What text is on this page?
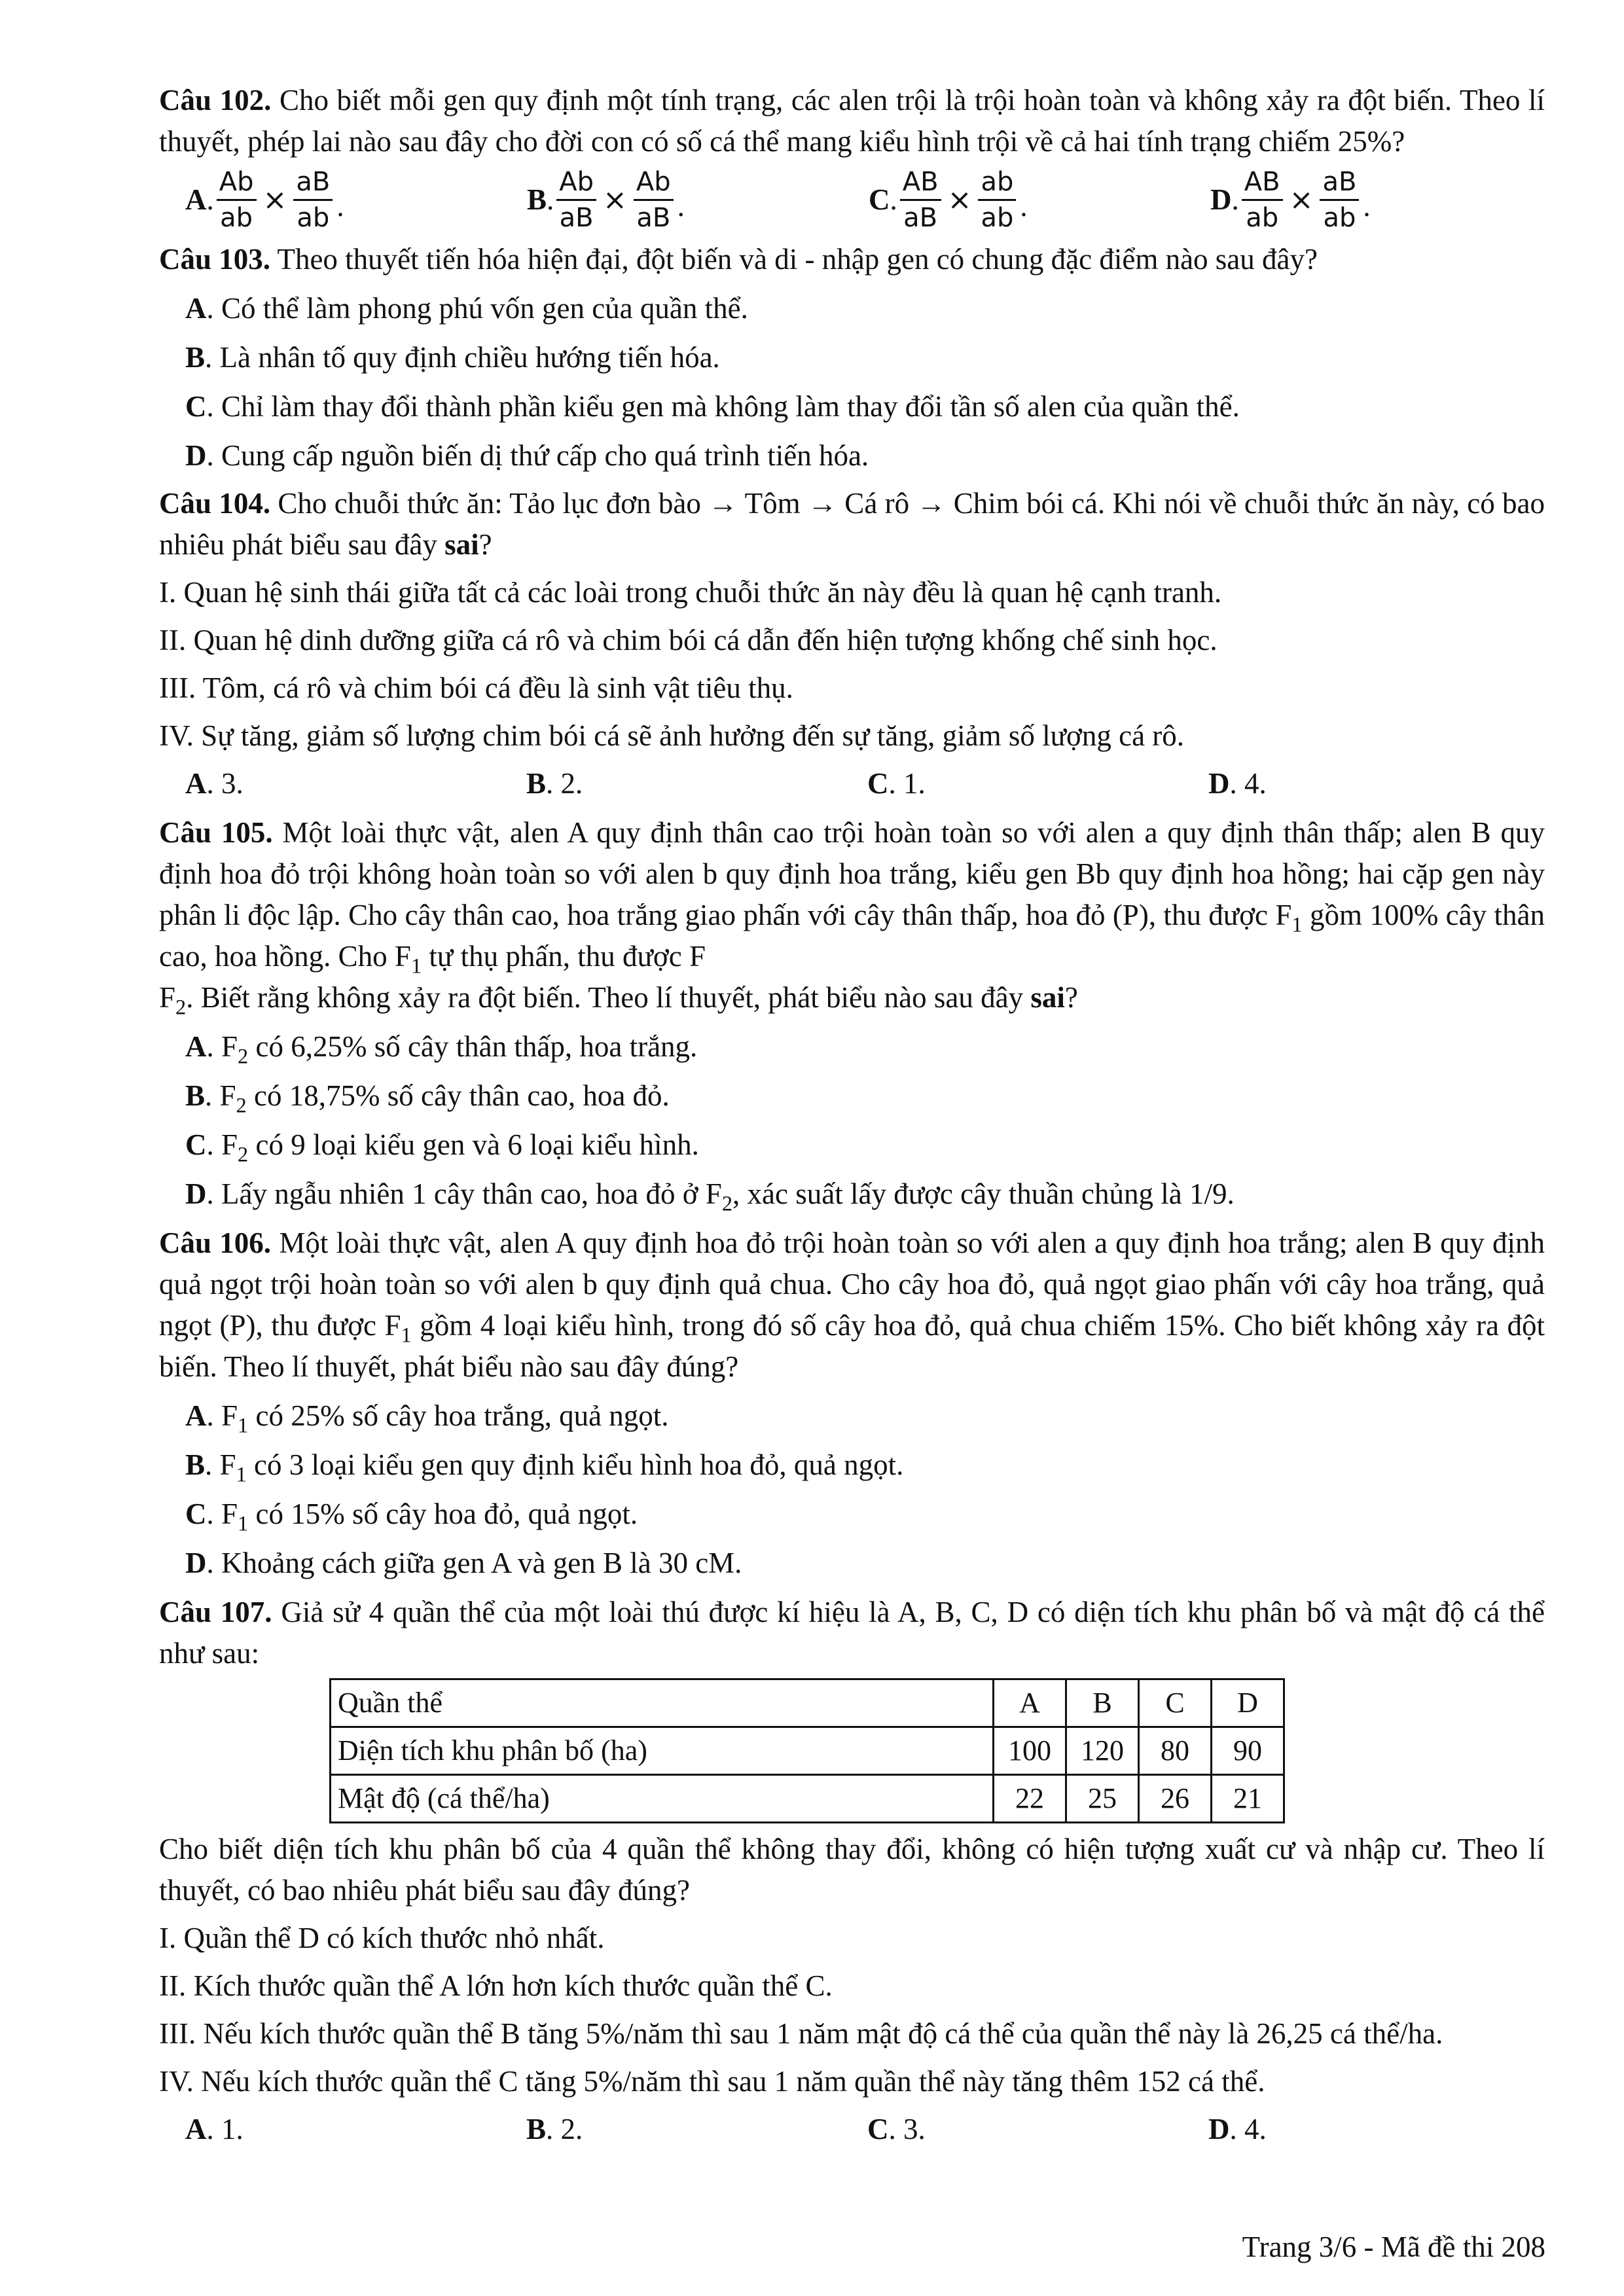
Câu 102. Cho biết mỗi gen quy định một tính trạng, các alen trội là trội hoàn toàn và không xảy ra đột biến. Theo lí thuyết, phép lai nào sau đây cho đời con có số cá thể mang kiểu hình trội về cả hai tính trạng chiếm 25%?

A . $\frac{Ab}{ab} \times \frac{aB}{ab}$ .	B . $\frac{Ab}{aB} \times \frac{Ab}{aB}$ .	C . $\frac{AB}{aB} \times \frac{ab}{ab}$ .	D . $\frac{AB}{ab} \times \frac{aB}{ab}$ .

Câu 103. Theo thuyết tiến hóa hiện đại, đột biến và di - nhập gen có chung đặc điểm nào sau đây?

A. Có thể làm phong phú vốn gen của quần thể.

B. Là nhân tố quy định chiều hướng tiến hóa.

C. Chỉ làm thay đổi thành phần kiểu gen mà không làm thay đổi tần số alen của quần thể.

D. Cung cấp nguồn biến dị thứ cấp cho quá trình tiến hóa.

Câu 104. Cho chuỗi thức ăn: Tảo lục đơn bào → Tôm → Cá rô → Chim bói cá. Khi nói về chuỗi thức ăn này, có bao nhiêu phát biểu sau đây sai?

I. Quan hệ sinh thái giữa tất cả các loài trong chuỗi thức ăn này đều là quan hệ cạnh tranh.

II. Quan hệ dinh dưỡng giữa cá rô và chim bói cá dẫn đến hiện tượng khống chế sinh học.

III. Tôm, cá rô và chim bói cá đều là sinh vật tiêu thụ.

IV. Sự tăng, giảm số lượng chim bói cá sẽ ảnh hưởng đến sự tăng, giảm số lượng cá rô.

A. 3.	B. 2.	C. 1.	D. 4.

Câu 105. Một loài thực vật, alen A quy định thân cao trội hoàn toàn so với alen a quy định thân thấp; alen B quy định hoa đỏ trội không hoàn toàn so với alen b quy định hoa trắng, kiểu gen Bb quy định hoa hồng; hai cặp gen này phân li độc lập. Cho cây thân cao, hoa trắng giao phấn với cây thân thấp, hoa đỏ (P), thu được $F_1$ gồm 100% cây thân cao, hoa hồng. Cho $F_1$ tự thụ phấn, thu được F
$F_2$. Biết rằng không xảy ra đột biến. Theo lí thuyết, phát biểu nào sau đây sai?

A. $F_2$ có 6,25% số cây thân thấp, hoa trắng.

B. $F_2$ có 18,75% số cây thân cao, hoa đỏ.

C. $F_2$ có 9 loại kiểu gen và 6 loại kiểu hình.

D. Lấy ngẫu nhiên 1 cây thân cao, hoa đỏ ở $F_2$, xác suất lấy được cây thuần chủng là 1/9.

Câu 106. Một loài thực vật, alen A quy định hoa đỏ trội hoàn toàn so với alen a quy định hoa trắng; alen B quy định quả ngọt trội hoàn toàn so với alen b quy định quả chua. Cho cây hoa đỏ, quả ngọt giao phấn với cây hoa trắng, quả ngọt (P), thu được $F_1$ gồm 4 loại kiểu hình, trong đó số cây hoa đỏ, quả chua chiếm 15%. Cho biết không xảy ra đột biến. Theo lí thuyết, phát biểu nào sau đây đúng?

A. $F_1$ có 25% số cây hoa trắng, quả ngọt.

B. $F_1$ có 3 loại kiểu gen quy định kiểu hình hoa đỏ, quả ngọt.

C. $F_1$ có 15% số cây hoa đỏ, quả ngọt.

D. Khoảng cách giữa gen A và gen B là 30 cM.

Câu 107. Giả sử 4 quần thể của một loài thú được kí hiệu là A, B, C, D có diện tích khu phân bố và mật độ cá thể như sau:

Quần thể	A	B	C	D
Diện tích khu phân bố (ha)	100	120	80	90
Mật độ (cá thể/ha)	22	25	26	21

Cho biết diện tích khu phân bố của 4 quần thể không thay đổi, không có hiện tượng xuất cư và nhập cư. Theo lí thuyết, có bao nhiêu phát biểu sau đây đúng?

I. Quần thể D có kích thước nhỏ nhất.

II. Kích thước quần thể A lớn hơn kích thước quần thể C.

III. Nếu kích thước quần thể B tăng 5%/năm thì sau 1 năm mật độ cá thể của quần thể này là 26,25 cá thể/ha.

IV. Nếu kích thước quần thể C tăng 5%/năm thì sau 1 năm quần thể này tăng thêm 152 cá thể.

A. 1.	B. 2.	C. 3.	D. 4.
Trang 3/6 - Mã đề thi 208
